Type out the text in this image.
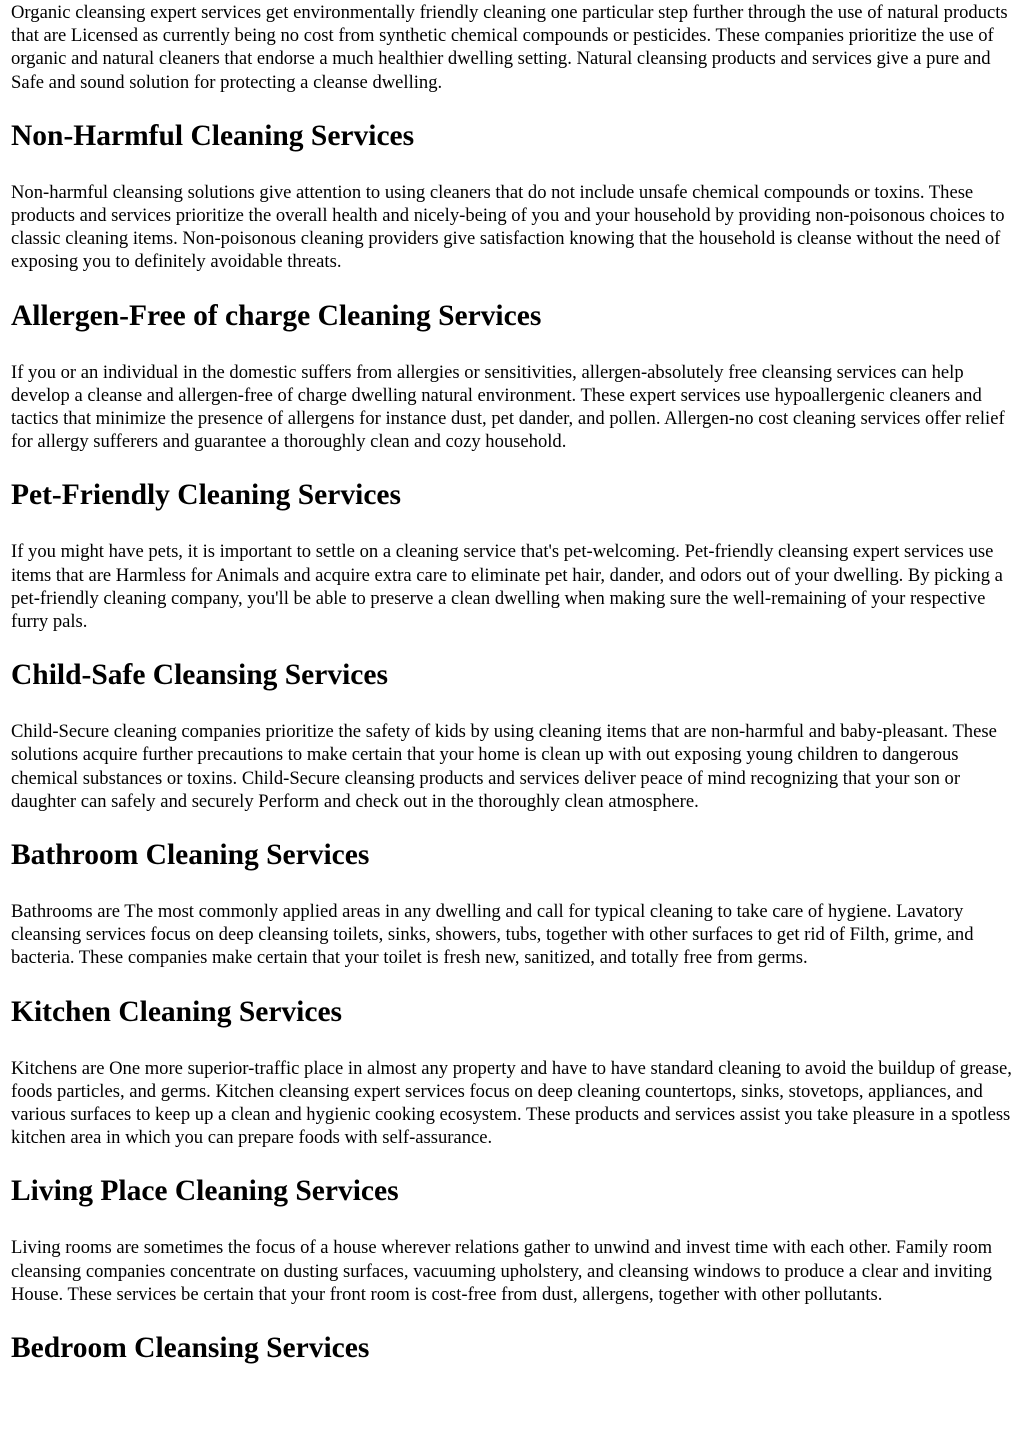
Organic cleansing expert services get environmentally friendly cleaning one particular step further through the use of natural products that are Licensed as currently being no cost from synthetic chemical compounds or pesticides. These companies prioritize the use of organic and natural cleaners that endorse a much healthier dwelling setting. Natural cleansing products and services give a pure and Safe and sound solution for protecting a cleanse dwelling.

Non-Harmful Cleaning Services

Non-harmful cleansing solutions give attention to using cleaners that do not include unsafe chemical compounds or toxins. These products and services prioritize the overall health and nicely-being of you and your household by providing non-poisonous choices to classic cleaning items. Non-poisonous cleaning providers give satisfaction knowing that the household is cleanse without the need of exposing you to definitely avoidable threats.

Allergen-Free of charge Cleaning Services

If you or an individual in the domestic suffers from allergies or sensitivities, allergen-absolutely free cleansing services can help develop a cleanse and allergen-free of charge dwelling natural environment. These expert services use hypoallergenic cleaners and tactics that minimize the presence of allergens for instance dust, pet dander, and pollen. Allergen-no cost cleaning services offer relief for allergy sufferers and guarantee a thoroughly clean and cozy household.

Pet-Friendly Cleaning Services

If you might have pets, it is important to settle on a cleaning service that's pet-welcoming. Pet-friendly cleansing expert services use items that are Harmless for Animals and acquire extra care to eliminate pet hair, dander, and odors out of your dwelling. By picking a pet-friendly cleaning company, you'll be able to preserve a clean dwelling when making sure the well-remaining of your respective furry pals.

Child-Safe Cleansing Services

Child-Secure cleaning companies prioritize the safety of kids by using cleaning items that are non-harmful and baby-pleasant. These solutions acquire further precautions to make certain that your home is clean up with out exposing young children to dangerous chemical substances or toxins. Child-Secure cleansing products and services deliver peace of mind recognizing that your son or daughter can safely and securely Perform and check out in the thoroughly clean atmosphere.

Bathroom Cleaning Services

Bathrooms are The most commonly applied areas in any dwelling and call for typical cleaning to take care of hygiene. Lavatory cleansing services focus on deep cleansing toilets, sinks, showers, tubs, together with other surfaces to get rid of Filth, grime, and bacteria. These companies make certain that your toilet is fresh new, sanitized, and totally free from germs.

Kitchen Cleaning Services

Kitchens are One more superior-traffic place in almost any property and have to have standard cleaning to avoid the buildup of grease, foods particles, and germs. Kitchen cleansing expert services focus on deep cleaning countertops, sinks, stovetops, appliances, and various surfaces to keep up a clean and hygienic cooking ecosystem. These products and services assist you take pleasure in a spotless kitchen area in which you can prepare foods with self-assurance.

Living Place Cleaning Services

Living rooms are sometimes the focus of a house wherever relations gather to unwind and invest time with each other. Family room cleansing companies concentrate on dusting surfaces, vacuuming upholstery, and cleansing windows to produce a clear and inviting House. These services be certain that your front room is cost-free from dust, allergens, together with other pollutants.

Bedroom Cleansing Services
